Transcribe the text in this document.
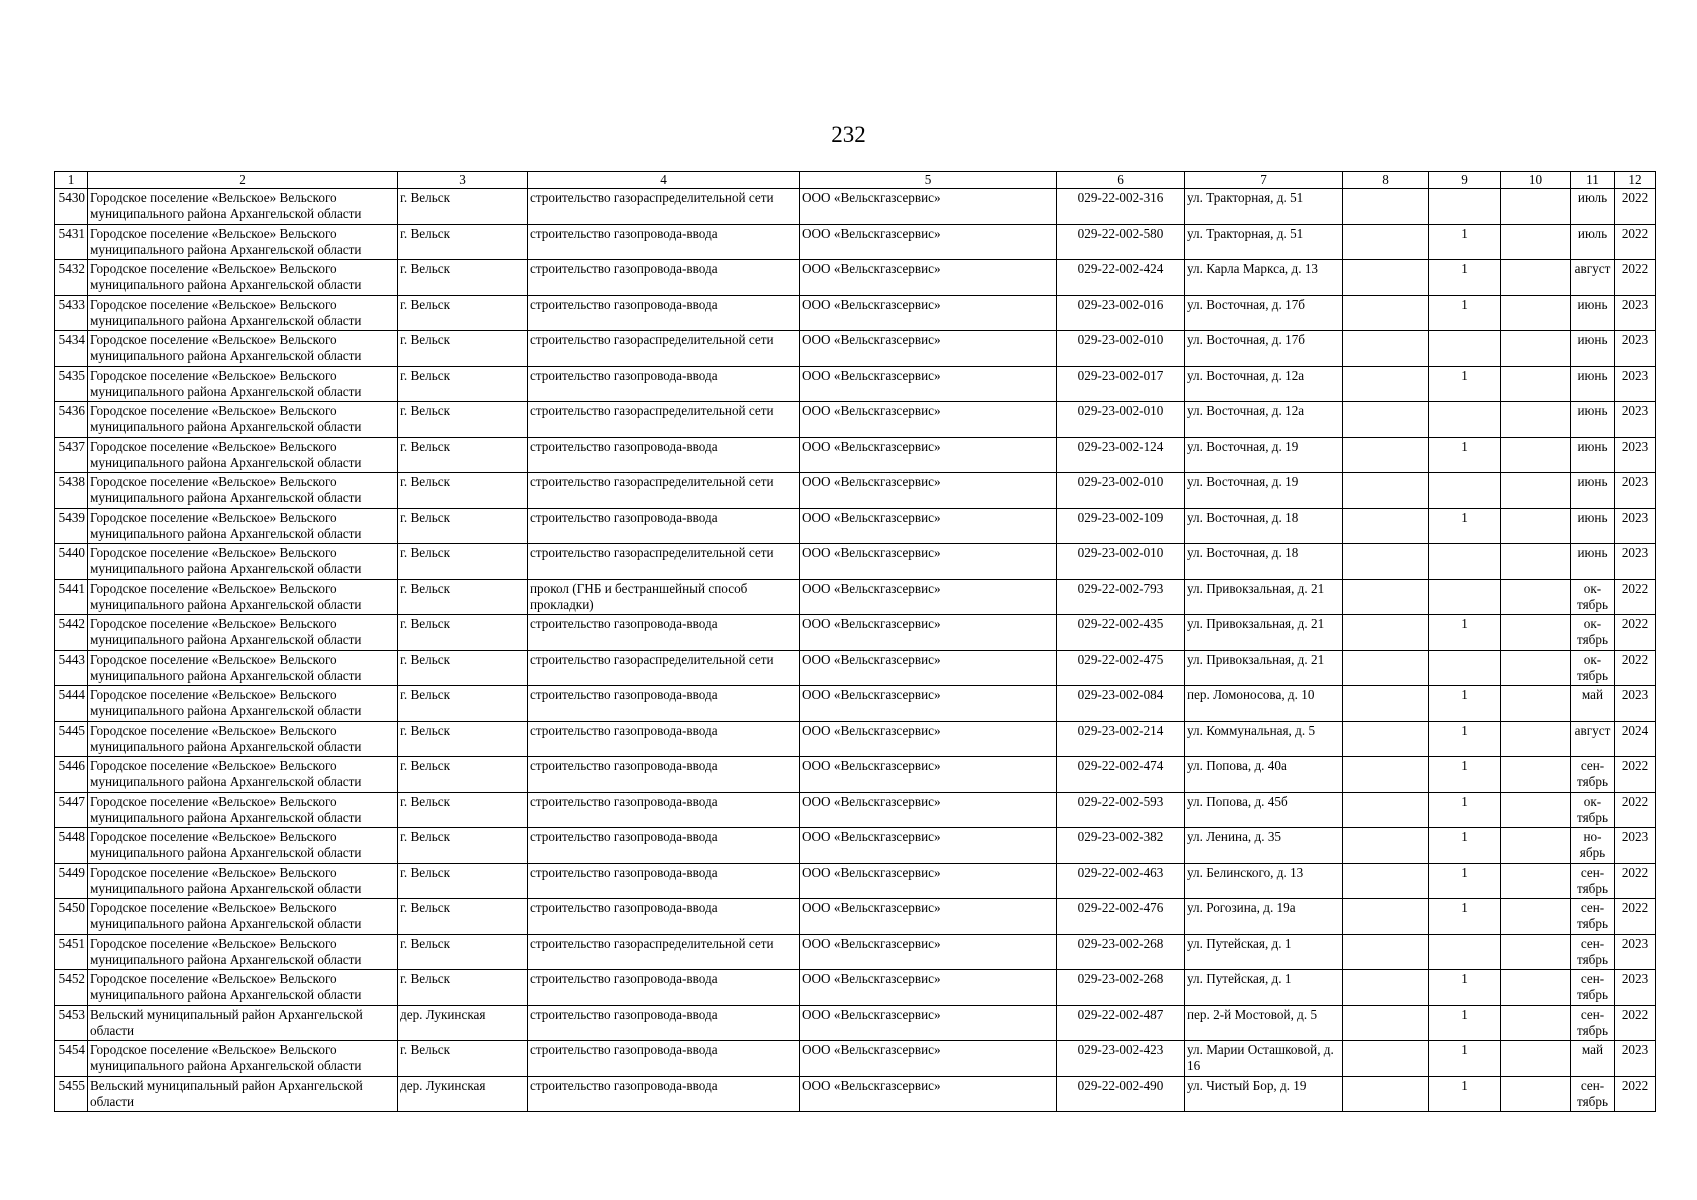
232
1	2	3	4	5	6	7	8	9	10	11	12
5430	Городское поселение «Вельское» Вельского муниципального района Архангельской области	г. Вельск	строительство газораспределительной сети	ООО «Вельскгазсервис»	029-22-002-316	ул. Тракторная, д. 51				июль	2022
5431	Городское поселение «Вельское» Вельского муниципального района Архангельской области	г. Вельск	строительство газопровода-ввода	ООО «Вельскгазсервис»	029-22-002-580	ул. Тракторная, д. 51		1		июль	2022
5432	Городское поселение «Вельское» Вельского муниципального района Архангельской области	г. Вельск	строительство газопровода-ввода	ООО «Вельскгазсервис»	029-22-002-424	ул. Карла Маркса, д. 13		1		август	2022
5433	Городское поселение «Вельское» Вельского муниципального района Архангельской области	г. Вельск	строительство газопровода-ввода	ООО «Вельскгазсервис»	029-23-002-016	ул. Восточная, д. 17б		1		июнь	2023
5434	Городское поселение «Вельское» Вельского муниципального района Архангельской области	г. Вельск	строительство газораспределительной сети	ООО «Вельскгазсервис»	029-23-002-010	ул. Восточная, д. 17б				июнь	2023
5435	Городское поселение «Вельское» Вельского муниципального района Архангельской области	г. Вельск	строительство газопровода-ввода	ООО «Вельскгазсервис»	029-23-002-017	ул. Восточная, д. 12а		1		июнь	2023
5436	Городское поселение «Вельское» Вельского муниципального района Архангельской области	г. Вельск	строительство газораспределительной сети	ООО «Вельскгазсервис»	029-23-002-010	ул. Восточная, д. 12а				июнь	2023
5437	Городское поселение «Вельское» Вельского муниципального района Архангельской области	г. Вельск	строительство газопровода-ввода	ООО «Вельскгазсервис»	029-23-002-124	ул. Восточная, д. 19		1		июнь	2023
5438	Городское поселение «Вельское» Вельского муниципального района Архангельской области	г. Вельск	строительство газораспределительной сети	ООО «Вельскгазсервис»	029-23-002-010	ул. Восточная, д. 19				июнь	2023
5439	Городское поселение «Вельское» Вельского муниципального района Архангельской области	г. Вельск	строительство газопровода-ввода	ООО «Вельскгазсервис»	029-23-002-109	ул. Восточная, д. 18		1		июнь	2023
5440	Городское поселение «Вельское» Вельского муниципального района Архангельской области	г. Вельск	строительство газораспределительной сети	ООО «Вельскгазсервис»	029-23-002-010	ул. Восточная, д. 18				июнь	2023
5441	Городское поселение «Вельское» Вельского муниципального района Архангельской области	г. Вельск	прокол (ГНБ и бестраншейный способ прокладки)	ООО «Вельскгазсервис»	029-22-002-793	ул. Привокзальная, д. 21				ок-тябрь	2022
5442	Городское поселение «Вельское» Вельского муниципального района Архангельской области	г. Вельск	строительство газопровода-ввода	ООО «Вельскгазсервис»	029-22-002-435	ул. Привокзальная, д. 21		1		ок-тябрь	2022
5443	Городское поселение «Вельское» Вельского муниципального района Архангельской области	г. Вельск	строительство газораспределительной сети	ООО «Вельскгазсервис»	029-22-002-475	ул. Привокзальная, д. 21				ок-тябрь	2022
5444	Городское поселение «Вельское» Вельского муниципального района Архангельской области	г. Вельск	строительство газопровода-ввода	ООО «Вельскгазсервис»	029-23-002-084	пер. Ломоносова, д. 10		1		май	2023
5445	Городское поселение «Вельское» Вельского муниципального района Архангельской области	г. Вельск	строительство газопровода-ввода	ООО «Вельскгазсервис»	029-23-002-214	ул. Коммунальная, д. 5		1		август	2024
5446	Городское поселение «Вельское» Вельского муниципального района Архангельской области	г. Вельск	строительство газопровода-ввода	ООО «Вельскгазсервис»	029-22-002-474	ул. Попова, д. 40а		1		сен-тябрь	2022
5447	Городское поселение «Вельское» Вельского муниципального района Архангельской области	г. Вельск	строительство газопровода-ввода	ООО «Вельскгазсервис»	029-22-002-593	ул. Попова, д. 45б		1		ок-тябрь	2022
5448	Городское поселение «Вельское» Вельского муниципального района Архангельской области	г. Вельск	строительство газопровода-ввода	ООО «Вельскгазсервис»	029-23-002-382	ул. Ленина, д. 35		1		но-ябрь	2023
5449	Городское поселение «Вельское» Вельского муниципального района Архангельской области	г. Вельск	строительство газопровода-ввода	ООО «Вельскгазсервис»	029-22-002-463	ул. Белинского, д. 13		1		сен-тябрь	2022
5450	Городское поселение «Вельское» Вельского муниципального района Архангельской области	г. Вельск	строительство газопровода-ввода	ООО «Вельскгазсервис»	029-22-002-476	ул. Рогозина, д. 19а		1		сен-тябрь	2022
5451	Городское поселение «Вельское» Вельского муниципального района Архангельской области	г. Вельск	строительство газораспределительной сети	ООО «Вельскгазсервис»	029-23-002-268	ул. Путейская, д. 1				сен-тябрь	2023
5452	Городское поселение «Вельское» Вельского муниципального района Архангельской области	г. Вельск	строительство газопровода-ввода	ООО «Вельскгазсервис»	029-23-002-268	ул. Путейская, д. 1		1		сен-тябрь	2023
5453	Вельский муниципальный район Архангельской области	дер. Лукинская	строительство газопровода-ввода	ООО «Вельскгазсервис»	029-22-002-487	пер. 2-й Мостовой, д. 5		1		сен-тябрь	2022
5454	Городское поселение «Вельское» Вельского муниципального района Архангельской области	г. Вельск	строительство газопровода-ввода	ООО «Вельскгазсервис»	029-23-002-423	ул. Марии Осташковой, д. 16		1		май	2023
5455	Вельский муниципальный район Архангельской области	дер. Лукинская	строительство газопровода-ввода	ООО «Вельскгазсервис»	029-22-002-490	ул. Чистый Бор, д. 19		1		сен-тябрь	2022
